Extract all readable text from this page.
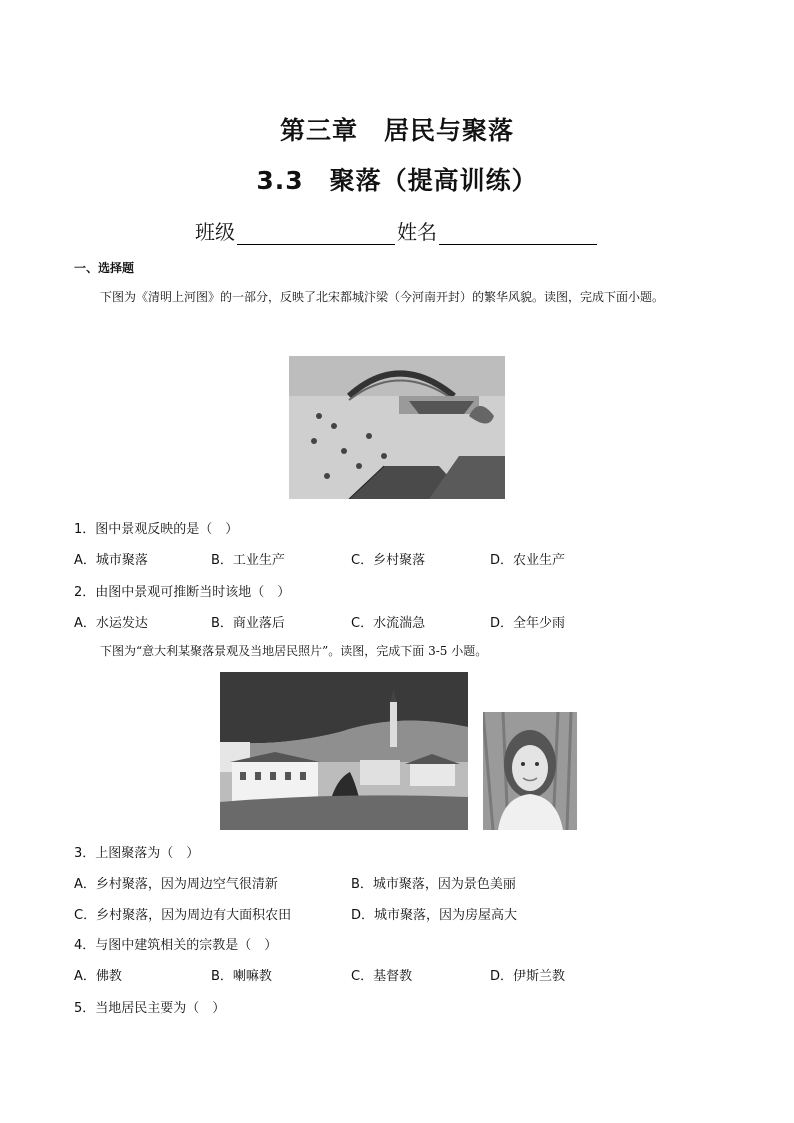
第三章　居民与聚落
3.3　聚落（提高训练）
班级	姓名
一、选择题
下图为《清明上河图》的一部分，反映了北宋都城汴梁（今河南开封）的繁华风貌。读图，完成下面小题。
1．图中景观反映的是（　）
A．城市聚落	B．工业生产	C．乡村聚落	D．农业生产
2．由图中景观可推断当时该地（　）
A．水运发达	B．商业落后	C．水流湍急	D．全年少雨
下图为“意大利某聚落景观及当地居民照片”。读图，完成下面 3-5 小题。
3．上图聚落为（　）
A．乡村聚落，因为周边空气很清新	B．城市聚落，因为景色美丽
C．乡村聚落，因为周边有大面积农田	D．城市聚落，因为房屋高大
4．与图中建筑相关的宗教是（　）
A．佛教	B．喇嘛教	C．基督教	D．伊斯兰教
5．当地居民主要为（　）
